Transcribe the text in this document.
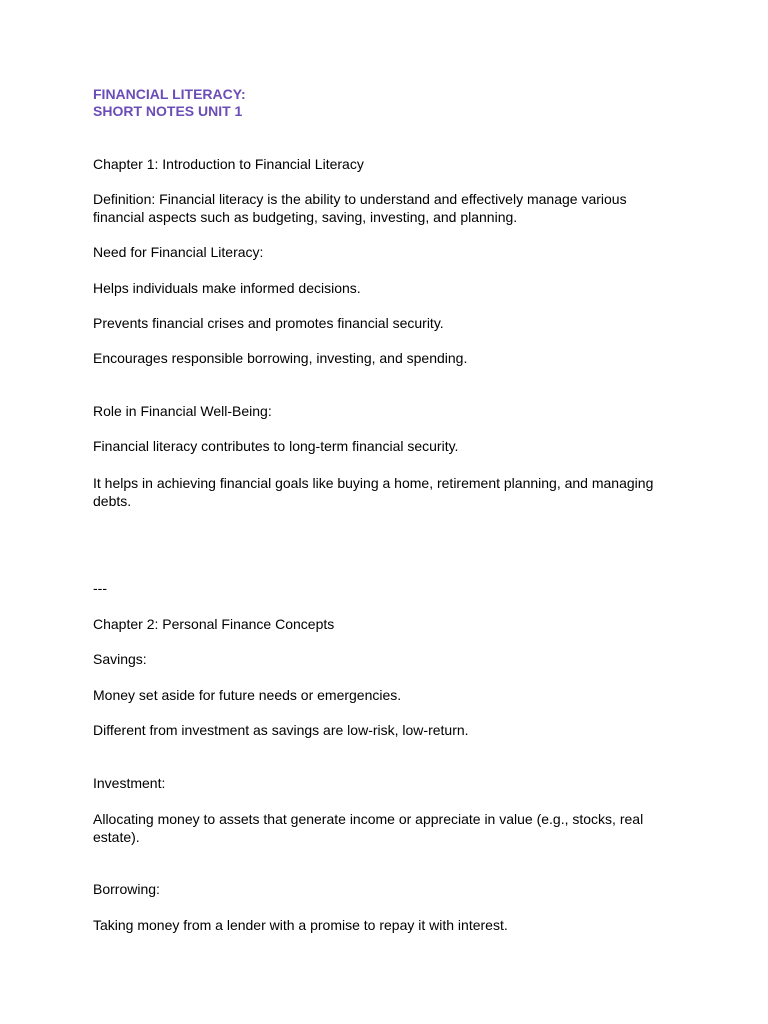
FINANCIAL LITERACY:
SHORT NOTES UNIT 1

Chapter 1: Introduction to Financial Literacy

Definition: Financial literacy is the ability to understand and effectively manage various financial aspects such as budgeting, saving, investing, and planning.

Need for Financial Literacy:

Helps individuals make informed decisions.

Prevents financial crises and promotes financial security.

Encourages responsible borrowing, investing, and spending.

Role in Financial Well-Being:

Financial literacy contributes to long-term financial security.

It helps in achieving financial goals like buying a home, retirement planning, and managing debts.

---

Chapter 2: Personal Finance Concepts

Savings:

Money set aside for future needs or emergencies.

Different from investment as savings are low-risk, low-return.

Investment:

Allocating money to assets that generate income or appreciate in value (e.g., stocks, real estate).

Borrowing:

Taking money from a lender with a promise to repay it with interest.
